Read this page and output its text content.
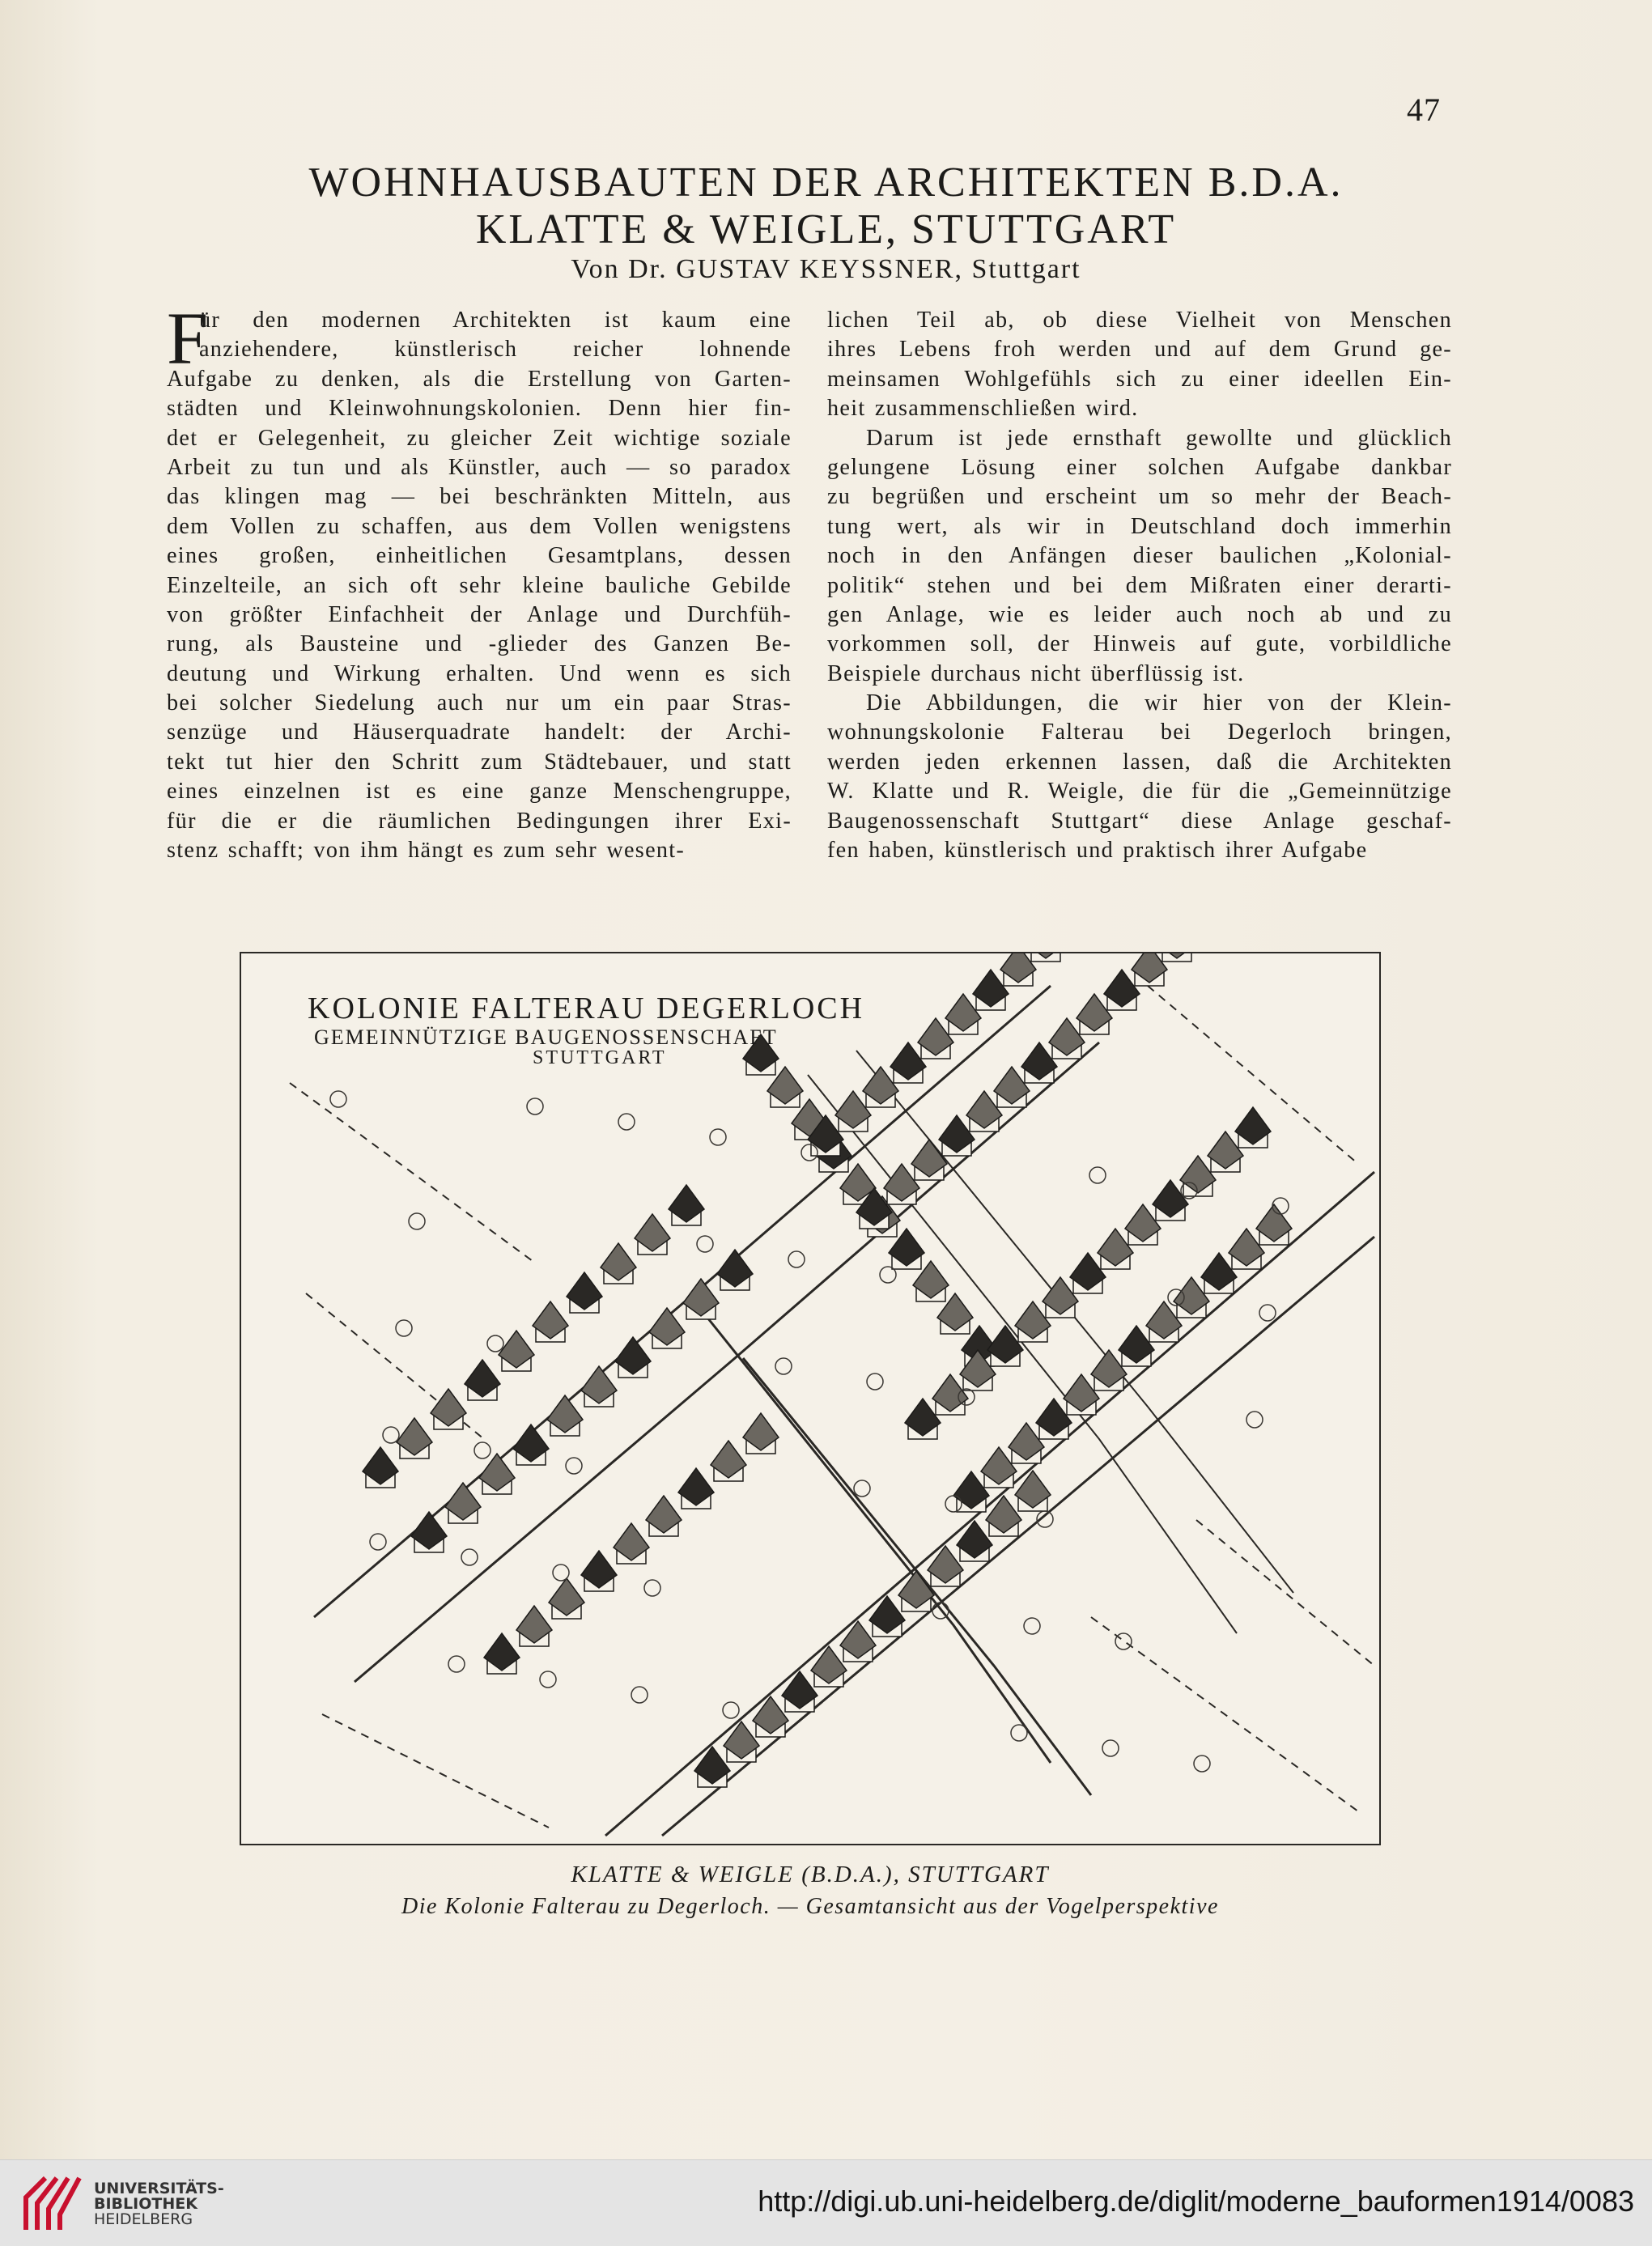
47
WOHNHAUSBAUTEN DER ARCHITEKTEN B.D.A.
KLATTE & WEIGLE, STUTTGART
Von Dr. GUSTAV KEYSSNER, Stuttgart
F
ür den modernen Architekten ist kaum eine
anziehendere, künstlerisch reicher lohnende
Aufgabe zu denken, als die Erstellung von Garten-
städten und Kleinwohnungskolonien. Denn hier fin-
det er Gelegenheit, zu gleicher Zeit wichtige soziale
Arbeit zu tun und als Künstler, auch — so paradox
das klingen mag — bei beschränkten Mitteln, aus
dem Vollen zu schaffen, aus dem Vollen wenigstens
eines großen, einheitlichen Gesamtplans, dessen
Einzelteile, an sich oft sehr kleine bauliche Gebilde
von größter Einfachheit der Anlage und Durchfüh-
rung, als Bausteine und -glieder des Ganzen Be-
deutung und Wirkung erhalten. Und wenn es sich
bei solcher Siedelung auch nur um ein paar Stras-
senzüge und Häuserquadrate handelt: der Archi-
tekt tut hier den Schritt zum Städtebauer, und statt
eines einzelnen ist es eine ganze Menschengruppe,
für die er die räumlichen Bedingungen ihrer Exi-
stenz schafft; von ihm hängt es zum sehr wesent-
lichen Teil ab, ob diese Vielheit von Menschen
ihres Lebens froh werden und auf dem Grund ge-
meinsamen Wohlgefühls sich zu einer ideellen Ein-
heit zusammenschließen wird.
Darum ist jede ernsthaft gewollte und glücklich
gelungene Lösung einer solchen Aufgabe dankbar
zu begrüßen und erscheint um so mehr der Beach-
tung wert, als wir in Deutschland doch immerhin
noch in den Anfängen dieser baulichen „Kolonial-
politik“ stehen und bei dem Mißraten einer derarti-
gen Anlage, wie es leider auch noch ab und zu
vorkommen soll, der Hinweis auf gute, vorbildliche
Beispiele durchaus nicht überflüssig ist.
Die Abbildungen, die wir hier von der Klein-
wohnungskolonie Falterau bei Degerloch bringen,
werden jeden erkennen lassen, daß die Architekten
W. Klatte und R. Weigle, die für die „Gemeinnützige
Baugenossenschaft Stuttgart“ diese Anlage geschaf-
fen haben, künstlerisch und praktisch ihrer Aufgabe
KOLONIE FALTERAU DEGERLOCH
GEMEINNÜTZIGE BAUGENOSSENSCHAFT
STUTTGART
KLATTE & WEIGLE (B.D.A.), STUTTGART
Die Kolonie Falterau zu Degerloch. — Gesamtansicht aus der Vogelperspektive
UNIVERSITÄTS-
BIBLIOTHEK
HEIDELBERG
http://digi.ub.uni-heidelberg.de/diglit/moderne_bauformen1914/0083
